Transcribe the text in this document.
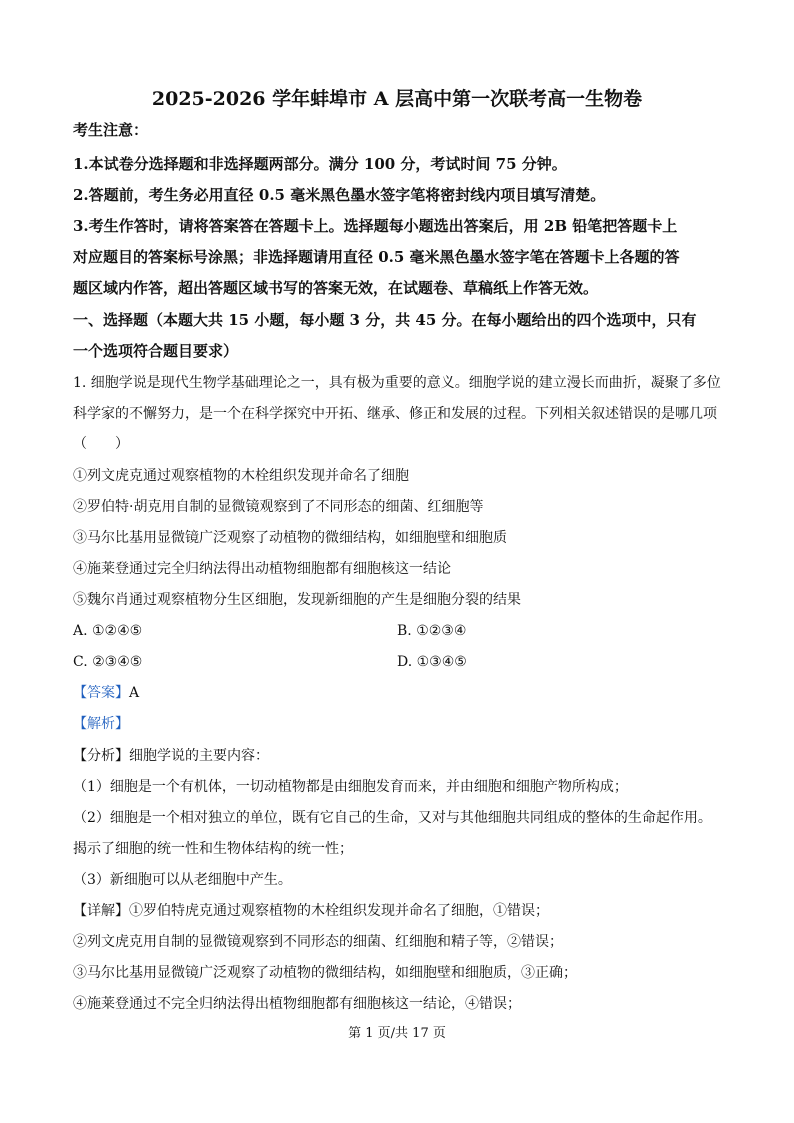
2025-2026 学年蚌埠市 A 层高中第一次联考高一生物卷
考生注意：
1.本试卷分选择题和非选择题两部分。满分 100 分，考试时间 75 分钟。
2.答题前，考生务必用直径 0.5 毫米黑色墨水签字笔将密封线内项目填写清楚。
3.考生作答时，请将答案答在答题卡上。选择题每小题选出答案后，用 2B 铅笔把答题卡上
对应题目的答案标号涂黑；非选择题请用直径 0.5 毫米黑色墨水签字笔在答题卡上各题的答
题区域内作答，超出答题区域书写的答案无效，在试题卷、草稿纸上作答无效。
一、选择题（本题大共 15 小题，每小题 3 分，共 45 分。在每小题给出的四个选项中，只有
一个选项符合题目要求）
1. 细胞学说是现代生物学基础理论之一，具有极为重要的意义。细胞学说的建立漫长而曲折，凝聚了多位
科学家的不懈努力，是一个在科学探究中开拓、继承、修正和发展的过程。下列相关叙述错误的是哪几项
（　　）
①列文虎克通过观察植物的木栓组织发现并命名了细胞
②罗伯特·胡克用自制的显微镜观察到了不同形态的细菌、红细胞等
③马尔比基用显微镜广泛观察了动植物的微细结构，如细胞壁和细胞质
④施莱登通过完全归纳法得出动植物细胞都有细胞核这一结论
⑤魏尔肖通过观察植物分生区细胞，发现新细胞的产生是细胞分裂的结果
A. ①②④⑤	B. ①②③④
C. ②③④⑤	D. ①③④⑤
【答案】A
【解析】
【分析】细胞学说的主要内容：
（1）细胞是一个有机体，一切动植物都是由细胞发育而来，并由细胞和细胞产物所构成；
（2）细胞是一个相对独立的单位，既有它自己的生命，又对与其他细胞共同组成的整体的生命起作用。
揭示了细胞的统一性和生物体结构的统一性；
（3）新细胞可以从老细胞中产生。
【详解】①罗伯特虎克通过观察植物的木栓组织发现并命名了细胞，①错误；
②列文虎克用自制的显微镜观察到不同形态的细菌、红细胞和精子等，②错误；
③马尔比基用显微镜广泛观察了动植物的微细结构，如细胞壁和细胞质，③正确；
④施莱登通过不完全归纳法得出植物细胞都有细胞核这一结论，④错误；
第 1 页/共 17 页
